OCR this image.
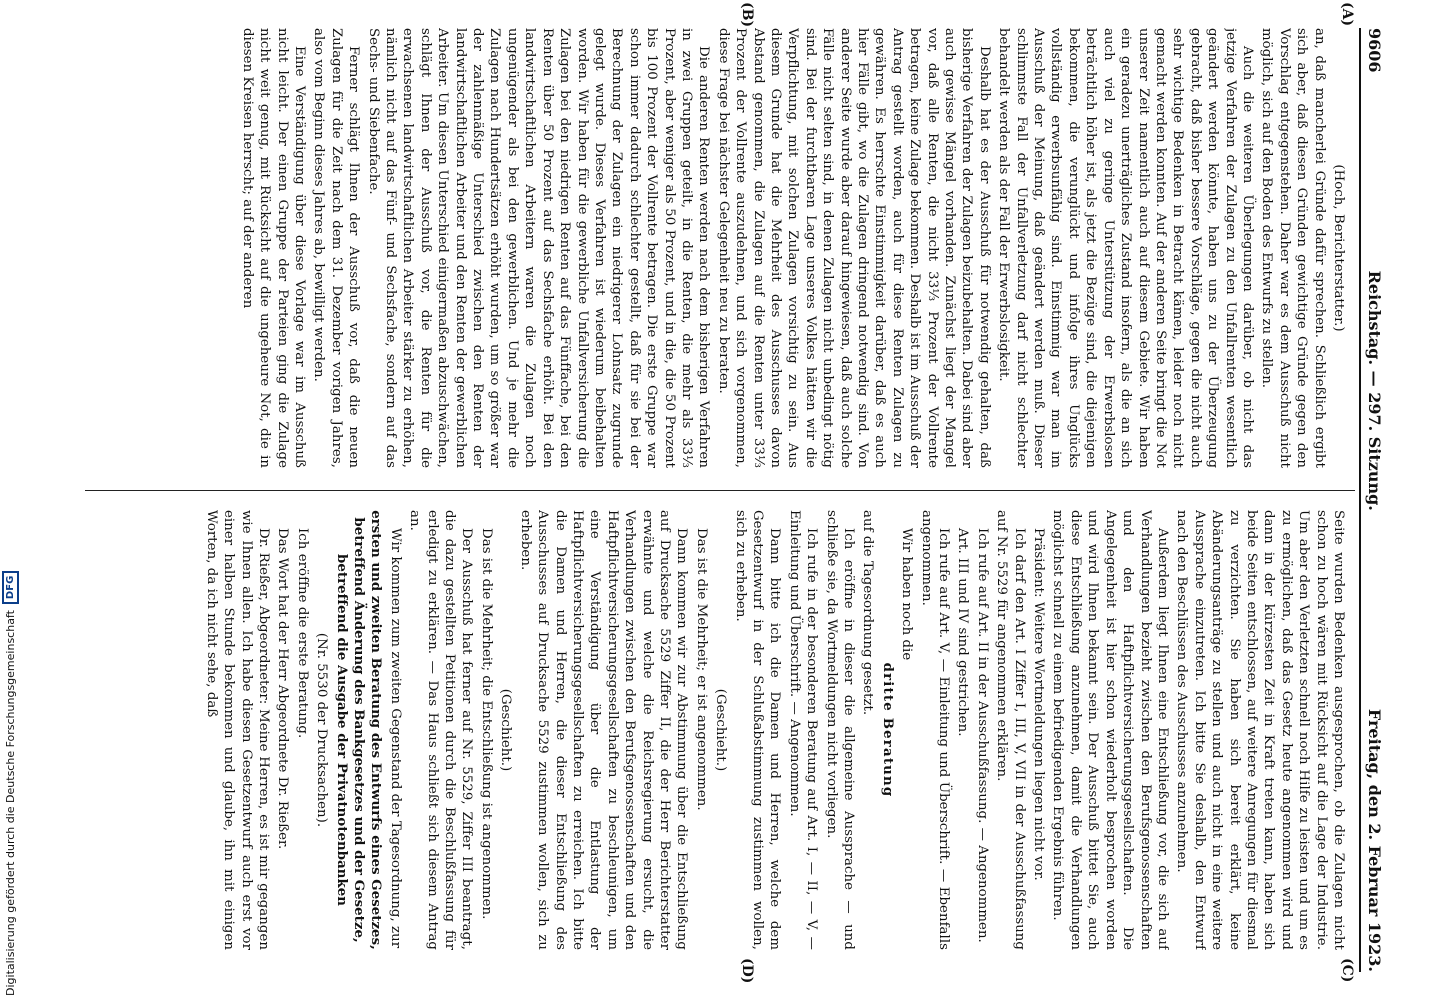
Digitalisierung gefördert durch die Deutsche Forschungsgemeinschaft
DFG
9606
Reichstag. — 297. Sitzung.
Freitag, den 2. Februar 1923.
(A)
(B)
(C)
(D)

(Hoch, Berichterstatter.)

an, daß mancherlei Gründe dafür sprechen. Schließlich ergibt sich aber, daß diesen Gründen gewichtige Gründe gegen den Vorschlag entgegenstehen. Daher war es dem Ausschuß nicht möglich, sich auf den Boden des Entwurfs zu stellen.

Auch die weiteren Überlegungen darüber, ob nicht das jetzige Verfahren der Zulagen zu den Unfallrenten wesentlich geändert werden könnte, haben uns zu der Überzeugung gebracht, daß bisher bessere Vorschläge, gegen die nicht auch sehr wichtige Bedenken in Betracht kämen, leider noch nicht gemacht werden konnten. Auf der anderen Seite bringt die Not unserer Zeit namentlich auch auf diesem Gebiete. Wir haben ein geradezu unerträgliches Zustand insofern, als die an sich auch viel zu geringe Unterstützung der Erwerbslosen beträchtlich höher ist, als jetzt die Bezüge sind, die diejenigen bekommen, die verunglückt und infolge ihres Unglücks vollständig erwerbsunfähig sind. Einstimmig war man im Ausschuß der Meinung, daß geändert werden muß. Dieser schlimmste Fall der Unfallverletzung darf nicht schlechter behandelt werden als der Fall der Erwerbslosigkeit.

Deshalb hat es der Ausschuß für notwendig gehalten, daß bisherige Verfahren der Zulagen beizubehalten. Dabei sind aber auch gewisse Mängel vorhanden. Zunächst liegt der Mangel vor, daß alle Renten, die nicht 33⅓ Prozent der Vollrente betragen, keine Zulage bekommen. Deshalb ist im Ausschuß der Antrag gestellt worden, auch für diese Renten Zulagen zu gewähren. Es herrschte Einstimmigkeit darüber, daß es auch hier Fälle gibt, wo die Zulagen dringend notwendig sind. Von anderer Seite wurde aber darauf hingewiesen, daß auch solche Fälle nicht selten sind, in denen Zulagen nicht unbedingt nötig sind. Bei der furchtbaren Lage unseres Volkes hätten wir die Verpflichtung, mit solchen Zulagen vorsichtig zu sein. Aus diesem Grunde hat die Mehrheit des Ausschusses davon Abstand genommen, die Zulagen auf die Renten unter 33⅓ Prozent der Vollrente auszudehnen, und sich vorgenommen, diese Frage bei nächster Gelegenheit neu zu beraten.

Die anderen Renten werden nach dem bisherigen Verfahren in zwei Gruppen geteilt, in die Renten, die mehr als 33⅓ Prozent, aber weniger als 50 Prozent, und in die, die 50 Prozent bis 100 Prozent der Vollrente betragen. Die erste Gruppe war schon immer dadurch schlechter gestellt, daß für sie bei der Berechnung der Zulagen ein niedrigerer Lohnsatz zugrunde gelegt wurde. Dieses Verfahren ist wiederum beibehalten worden. Wir haben für die gewerbliche Unfallversicherung die Zulagen bei den niedrigen Renten auf das Fünffache, bei den Renten über 50 Prozent auf das Sechsfache erhöht. Bei den landwirtschaftlichen Arbeitern waren die Zulagen noch ungenügender als bei den gewerblichen. Und je mehr die Zulagen nach Hundertsätzen erhöht wurden, um so größer war der zahlenmäßige Unterschied zwischen den Renten der landwirtschaftlichen Arbeiter und den Renten der gewerblichen Arbeiter. Um diesen Unterschied einigermaßen abzuschwächen, schlägt Ihnen der Ausschuß vor, die Renten für die erwachsenen landwirtschaftlichen Arbeiter stärker zu erhöhen, nämlich nicht auf das Fünf- und Sechsfache, sondern auf das Sechs- und Siebenfache.

Ferner schlägt Ihnen der Ausschuß vor, daß die neuen Zulagen für die Zeit nach dem 31. Dezember vorigen Jahres, also vom Beginn dieses Jahres ab, bewilligt werden.

Eine Verständigung über diese Vorlage war im Ausschuß nicht leicht. Der einen Gruppe der Parteien ging die Zulage nicht weit genug, mit Rücksicht auf die ungeheure Not, die in diesen Kreisen herrscht; auf der anderen

Seite wurden Bedenken ausgesprochen, ob die Zulagen nicht schon zu hoch wären mit Rücksicht auf die Lage der Industrie. Um aber den Verletzten schnell noch Hilfe zu leisten und um es zu ermöglichen, daß das Gesetz heute angenommen wird und dann in der kürzesten Zeit in Kraft treten kann, haben sich beide Seiten entschlossen, auf weitere Anregungen für diesmal zu verzichten. Sie haben sich bereit erklärt, keine Abänderungsanträge zu stellen und auch nicht in eine weitere Aussprache einzutreten. Ich bitte Sie deshalb, den Entwurf nach den Beschlüssen des Ausschusses anzunehmen.

Außerdem liegt Ihnen eine Entschließung vor, die sich auf Verhandlungen bezieht zwischen den Berufsgenossenschaften und den Haftpflichtversicherungsgesellschaften. Die Angelegenheit ist hier schon wiederholt besprochen worden und wird Ihnen bekannt sein. Der Ausschuß bittet Sie, auch diese Entschließung anzunehmen, damit die Verhandlungen möglichst schnell zu einem befriedigenden Ergebnis führen.

Präsident: Weitere Wortmeldungen liegen nicht vor.

Ich darf den Art. I Ziffer I, III, V, VII in der Ausschußfassung auf Nr. 5529 für angenommen erklären.

Ich rufe auf Art. II in der Ausschußfassung. — Angenommen.

Art. III und IV sind gestrichen.

Ich rufe auf Art. V, — Einleitung und Überschrift. — Ebenfalls angenommen.

Wir haben noch die

dritte Beratung

auf die Tagesordnung gesetzt.

Ich eröffne in dieser die allgemeine Aussprache — und schließe sie, da Wortmeldungen nicht vorliegen.

Ich rufe in der besonderen Beratung auf Art. I, — II, — V, — Einleitung und Überschrift. — Angenommen.

Dann bitte ich die Damen und Herren, welche dem Gesetzentwurf in der Schlußabstimmung zustimmen wollen, sich zu erheben.

(Geschieht.)

Das ist die Mehrheit; er ist angenommen.

Dann kommen wir zur Abstimmung über die Entschließung auf Drucksache 5529 Ziffer II, die der Herr Berichterstatter erwähnte und welche die Reichsregierung ersucht, die Verhandlungen zwischen den Berufsgenossenschaften und den Haftpflichtversicherungsgesellschaften zu beschleunigen, um eine Verständigung über die Entlastung der Haftpflichtversicherungsgesellschaften zu erreichen. Ich bitte die Damen und Herren, die dieser Entschließung des Ausschusses auf Drucksache 5529 zustimmen wollen, sich zu erheben.

(Geschieht.)

Das ist die Mehrheit; die Entschließung ist angenommen.

Der Ausschuß hat ferner auf Nr. 5529, Ziffer III beantragt, die dazu gestellten Petitionen durch die Beschlußfassung für erledigt zu erklären. — Das Haus schließt sich diesem Antrag an.

Wir kommen zum zweiten Gegenstand der Tagesordnung, zur

ersten und zweiten Beratung des Entwurfs eines Gesetzes, betreffend Änderung des Bankgesetzes und der Gesetze, betreffend die Ausgabe der Privatnotenbanken

(Nr. 5530 der Drucksachen).

Ich eröffne die erste Beratung.

Das Wort hat der Herr Abgeordnete Dr. Rießer.

Dr. Rießer, Abgeordneter: Meine Herren, es ist mir gegangen wie Ihnen allen. Ich habe diesen Gesetzentwurf auch erst vor einer halben Stunde bekommen und glaube, ihn mit einigen Worten, da ich nicht sehe, daß
